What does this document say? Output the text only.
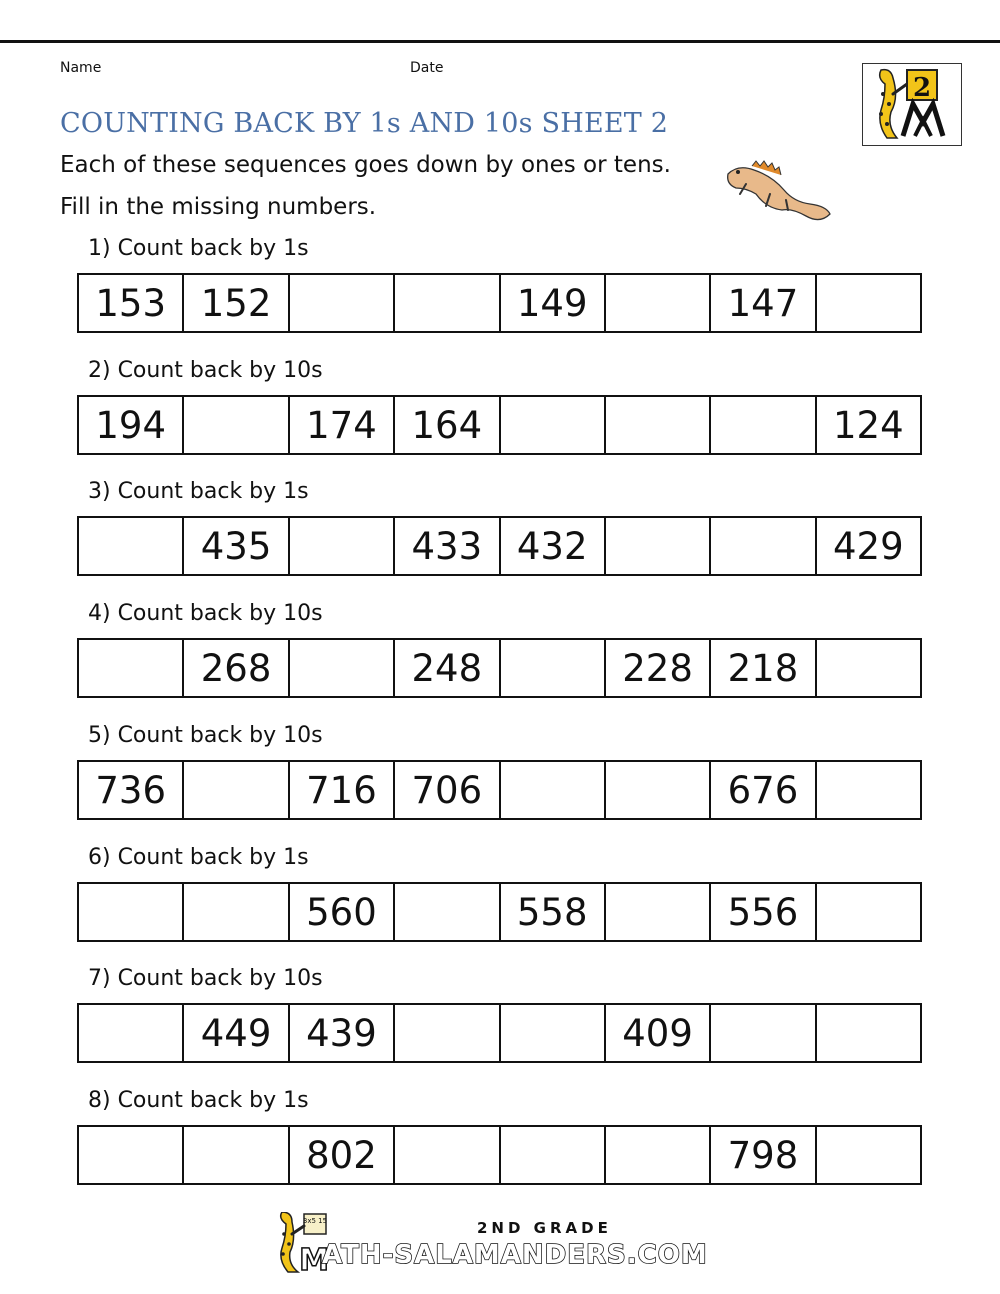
Name	Date
2
COUNTING BACK BY 1s AND 10s SHEET 2
Each of these sequences goes down by ones or tens.
Fill in the missing numbers.
1) Count back by 1s
153 152	149	147
2) Count back by 10s
194	174 164	124
3) Count back by 1s
435	433 432	429
4) Count back by 10s
268	248	228 218
5) Count back by 10s
736	716 706	676
6) Count back by 1s
560	558	556
7) Count back by 10s
449 439	409
8) Count back by 1s
802	798
3x5 15
M
2ND GRADE
ATH-SALAMANDERS.COM
